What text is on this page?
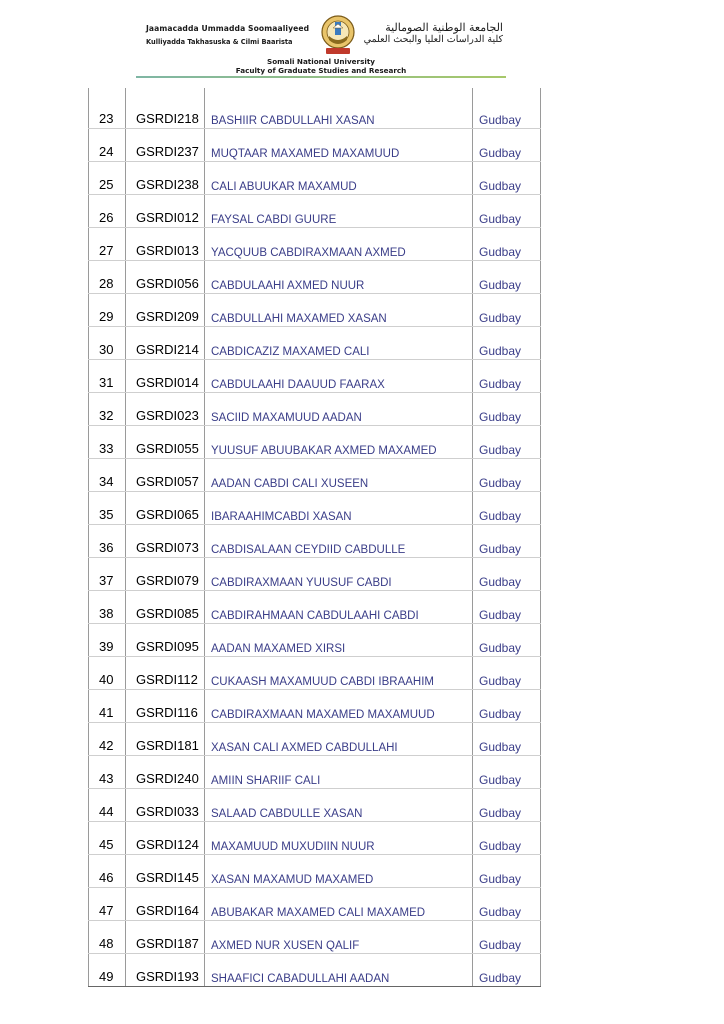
Jaamacadda Ummadda Soomaaliyeed
Kulliyadda Takhasuska & Cilmi Baarista
الجامعة الوطنية الصومالية
كلية الدراسات العليا والبحث العلمي
Somali National University
Faculty of Graduate Studies and Research

23	GSRDI218	BASHIIR CABDULLAHI XASAN	Gudbay
24	GSRDI237	MUQTAAR MAXAMED MAXAMUUD	Gudbay
25	GSRDI238	CALI ABUUKAR MAXAMUD	Gudbay
26	GSRDI012	FAYSAL CABDI GUURE	Gudbay
27	GSRDI013	YACQUUB CABDIRAXMAAN AXMED	Gudbay
28	GSRDI056	CABDULAAHI AXMED NUUR	Gudbay
29	GSRDI209	CABDULLAHI MAXAMED XASAN	Gudbay
30	GSRDI214	CABDICAZIZ MAXAMED CALI	Gudbay
31	GSRDI014	CABDULAAHI DAAUUD FAARAX	Gudbay
32	GSRDI023	SACIID MAXAMUUD AADAN	Gudbay
33	GSRDI055	YUUSUF ABUUBAKAR AXMED MAXAMED	Gudbay
34	GSRDI057	AADAN CABDI CALI XUSEEN	Gudbay
35	GSRDI065	IBARAAHIMCABDI XASAN	Gudbay
36	GSRDI073	CABDISALAAN CEYDIID CABDULLE	Gudbay
37	GSRDI079	CABDIRAXMAAN YUUSUF CABDI	Gudbay
38	GSRDI085	CABDIRAHMAAN CABDULAAHI CABDI	Gudbay
39	GSRDI095	AADAN MAXAMED XIRSI	Gudbay
40	GSRDI112	CUKAASH MAXAMUUD CABDI IBRAAHIM	Gudbay
41	GSRDI116	CABDIRAXMAAN MAXAMED MAXAMUUD	Gudbay
42	GSRDI181	XASAN CALI AXMED CABDULLAHI	Gudbay
43	GSRDI240	AMIIN SHARIIF CALI	Gudbay
44	GSRDI033	SALAAD CABDULLE XASAN	Gudbay
45	GSRDI124	MAXAMUUD MUXUDIIN NUUR	Gudbay
46	GSRDI145	XASAN MAXAMUD MAXAMED	Gudbay
47	GSRDI164	ABUBAKAR MAXAMED CALI MAXAMED	Gudbay
48	GSRDI187	AXMED NUR XUSEN QALIF	Gudbay
49	GSRDI193	SHAAFICI CABADULLAHI AADAN	Gudbay
